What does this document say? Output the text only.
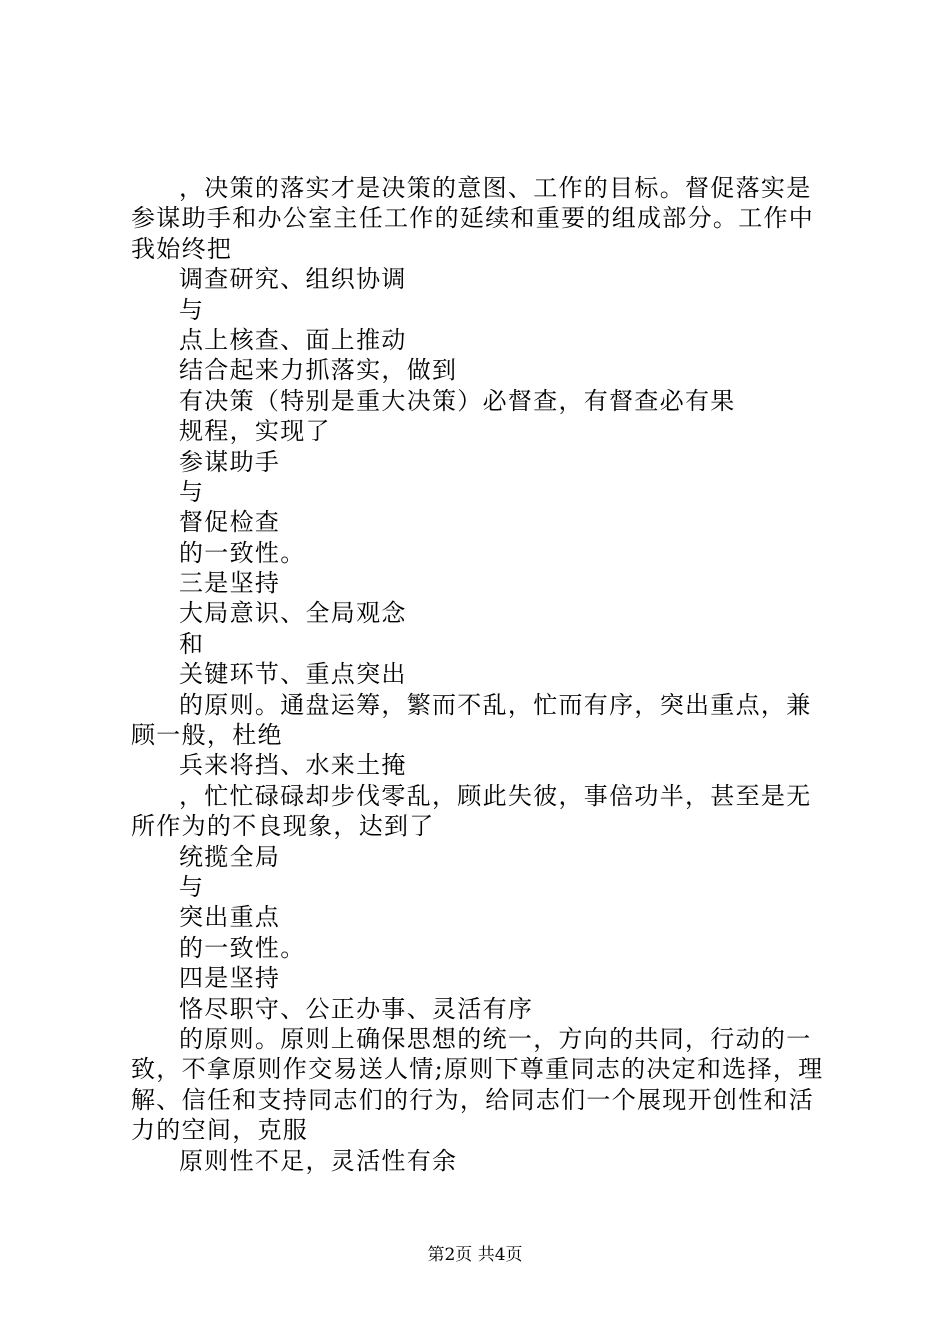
，决策的落实才是决策的意图、工作的目标。督促落实是
参谋助手和办公室主任工作的延续和重要的组成部分。工作中
我始终把
调查研究、组织协调
与
点上核查、面上推动
结合起来力抓落实，做到
有决策（特别是重大决策）必督查，有督查必有果
规程，实现了
参谋助手
与
督促检查
的一致性。
三是坚持
大局意识、全局观念
和
关键环节、重点突出
的原则。通盘运筹，繁而不乱，忙而有序，突出重点，兼
顾一般，杜绝
兵来将挡、水来土掩
，忙忙碌碌却步伐零乱，顾此失彼，事倍功半，甚至是无
所作为的不良现象，达到了
统揽全局
与
突出重点
的一致性。
四是坚持
恪尽职守、公正办事、灵活有序
的原则。原则上确保思想的统一，方向的共同，行动的一
致，不拿原则作交易送人情;原则下尊重同志的决定和选择，理
解、信任和支持同志们的行为，给同志们一个展现开创性和活
力的空间，克服
原则性不足，灵活性有余
第2页 共4页
